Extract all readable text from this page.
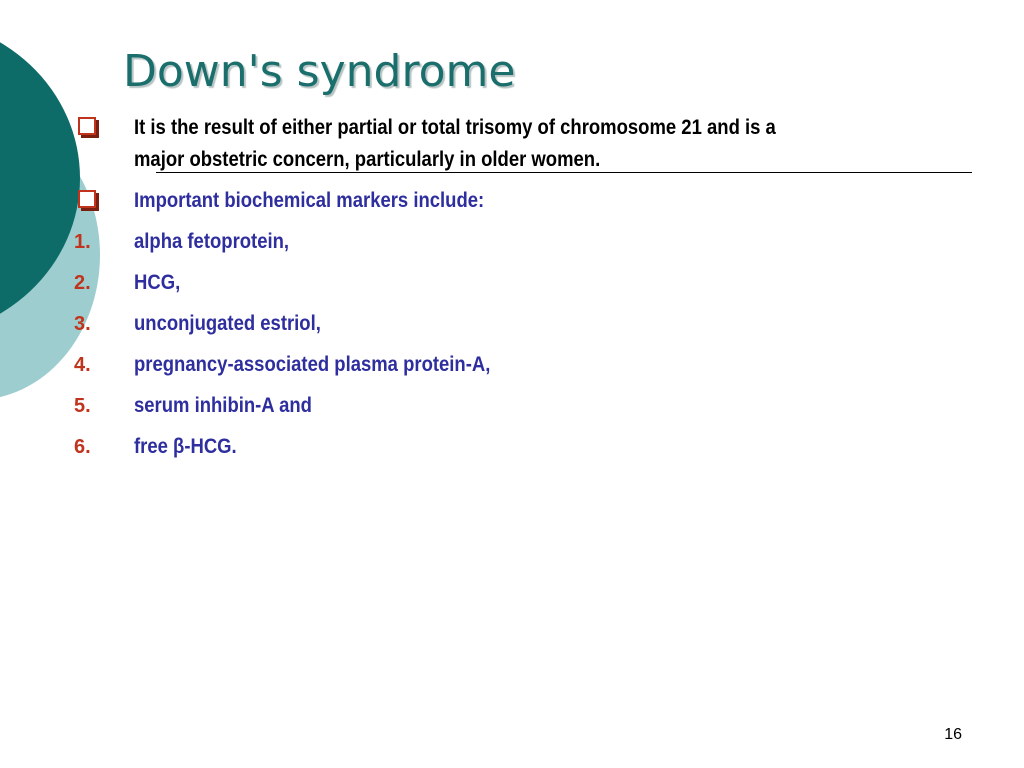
Down's syndrome
It is the result of either partial or total trisomy of chromosome 21 and is a
major obstetric concern, particularly in older women.
Important biochemical markers include:
1. alpha fetoprotein,
2. HCG,
3. unconjugated estriol,
4. pregnancy-associated plasma protein-A,
5. serum inhibin-A and
6. free β-HCG.
16
